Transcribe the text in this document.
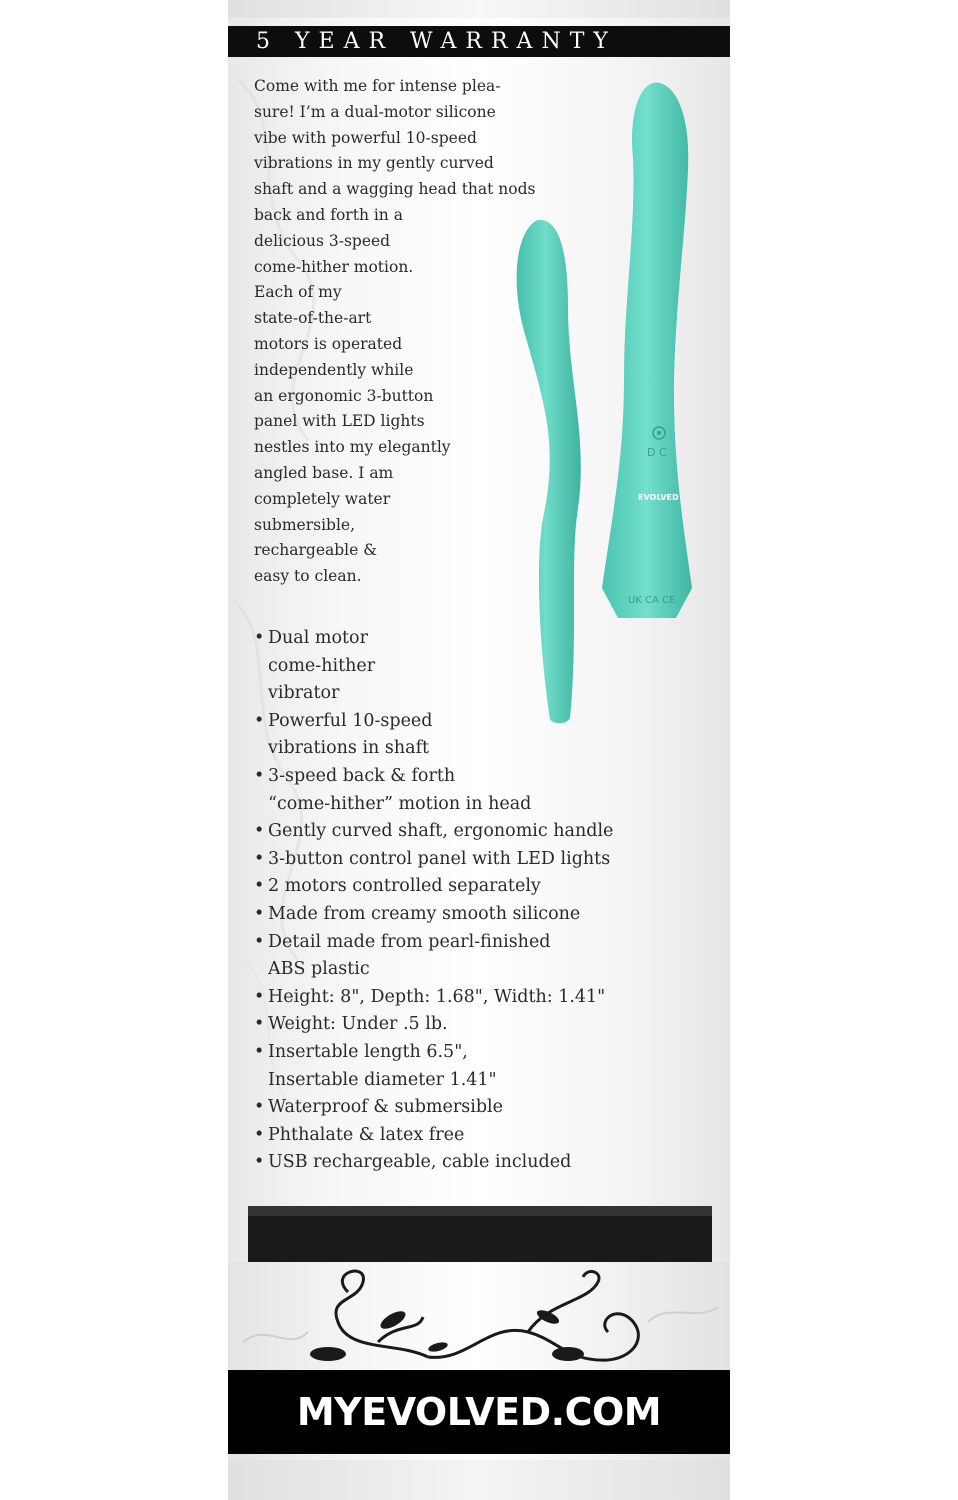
5 YEAR WARRANTY
Come with me for intense plea-
sure! I’m a dual-motor silicone
vibe with powerful 10-speed
vibrations in my gently curved
shaft and a wagging head that nods
back and forth in a
delicious 3-speed
come-hither motion.
Each of my
state-of-the-art
motors is operated
independently while
an ergonomic 3-button
panel with LED lights
nestles into my elegantly
angled base. I am
completely water
submersible,
rechargeable &
easy to clean.
D C
EVOLVED
UK CA CE
• Dual motor
come-hither
vibrator
• Powerful 10-speed
vibrations in shaft
• 3-speed back & forth
“come-hither” motion in head
• Gently curved shaft, ergonomic handle
• 3-button control panel with LED lights
• 2 motors controlled separately
• Made from creamy smooth silicone
• Detail made from pearl-finished
ABS plastic
• Height: 8", Depth: 1.68", Width: 1.41"
• Weight: Under .5 lb.
• Insertable length 6.5",
Insertable diameter 1.41"
• Waterproof & submersible
• Phthalate & latex free
• USB rechargeable, cable included
MYEVOLVED.COM
